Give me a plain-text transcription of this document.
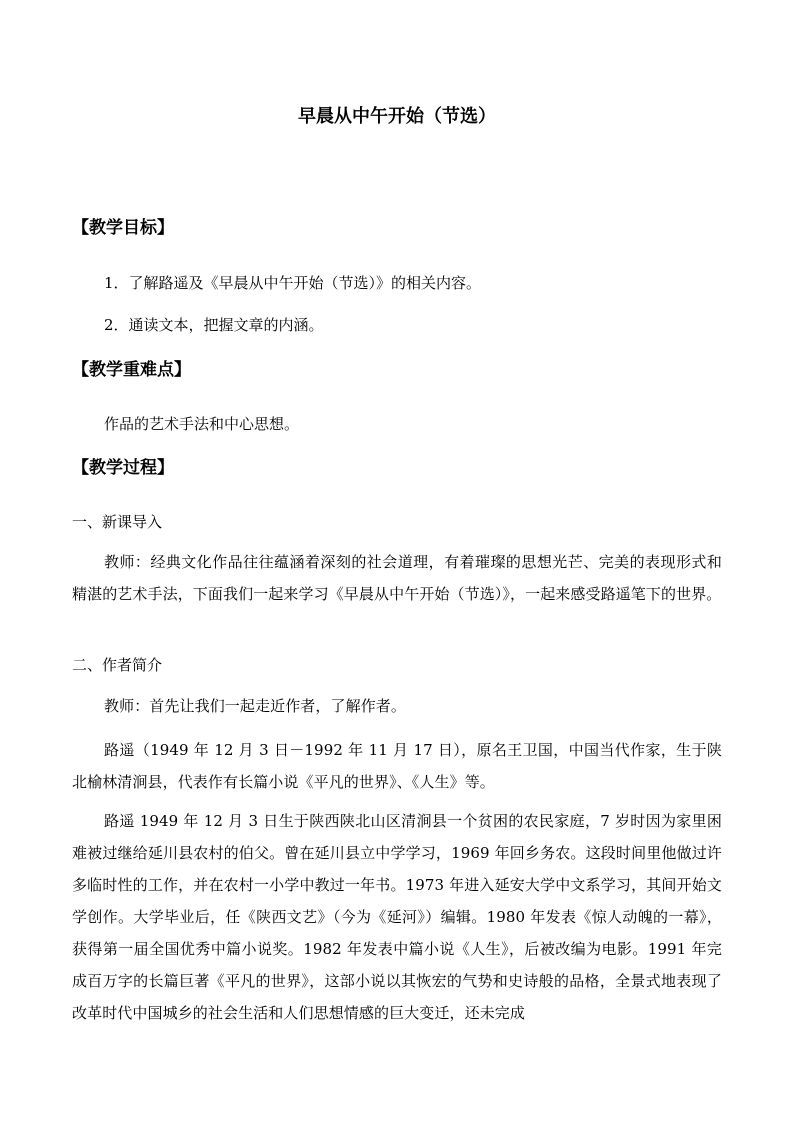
早晨从中午开始（节选）
【教学目标】

1．了解路遥及《早晨从中午开始（节选）》的相关内容。

2．通读文本，把握文章的内涵。

【教学重难点】

作品的艺术手法和中心思想。

【教学过程】

一、新课导入

教师：经典文化作品往往蕴涵着深刻的社会道理，有着璀璨的思想光芒、完美的表现形式和精湛的艺术手法，下面我们一起来学习《早晨从中午开始（节选）》，一起来感受路遥笔下的世界。

二、作者简介

教师：首先让我们一起走近作者，了解作者。

路遥（1949 年 12 月 3 日－1992 年 11 月 17 日），原名王卫国，中国当代作家，生于陕北榆林清涧县，代表作有长篇小说《平凡的世界》、《人生》等。

路遥 1949 年 12 月 3 日生于陕西陕北山区清涧县一个贫困的农民家庭，7 岁时因为家里困难被过继给延川县农村的伯父。曾在延川县立中学学习，1969 年回乡务农。这段时间里他做过许多临时性的工作，并在农村一小学中教过一年书。1973 年进入延安大学中文系学习，其间开始文学创作。大学毕业后，任《陕西文艺》（今为《延河》）编辑。1980 年发表《惊人动魄的一幕》，获得第一届全国优秀中篇小说奖。1982 年发表中篇小说《人生》，后被改编为电影。1991 年完成百万字的长篇巨著《平凡的世界》，这部小说以其恢宏的气势和史诗般的品格，全景式地表现了改革时代中国城乡的社会生活和人们思想情感的巨大变迁，还未完成
